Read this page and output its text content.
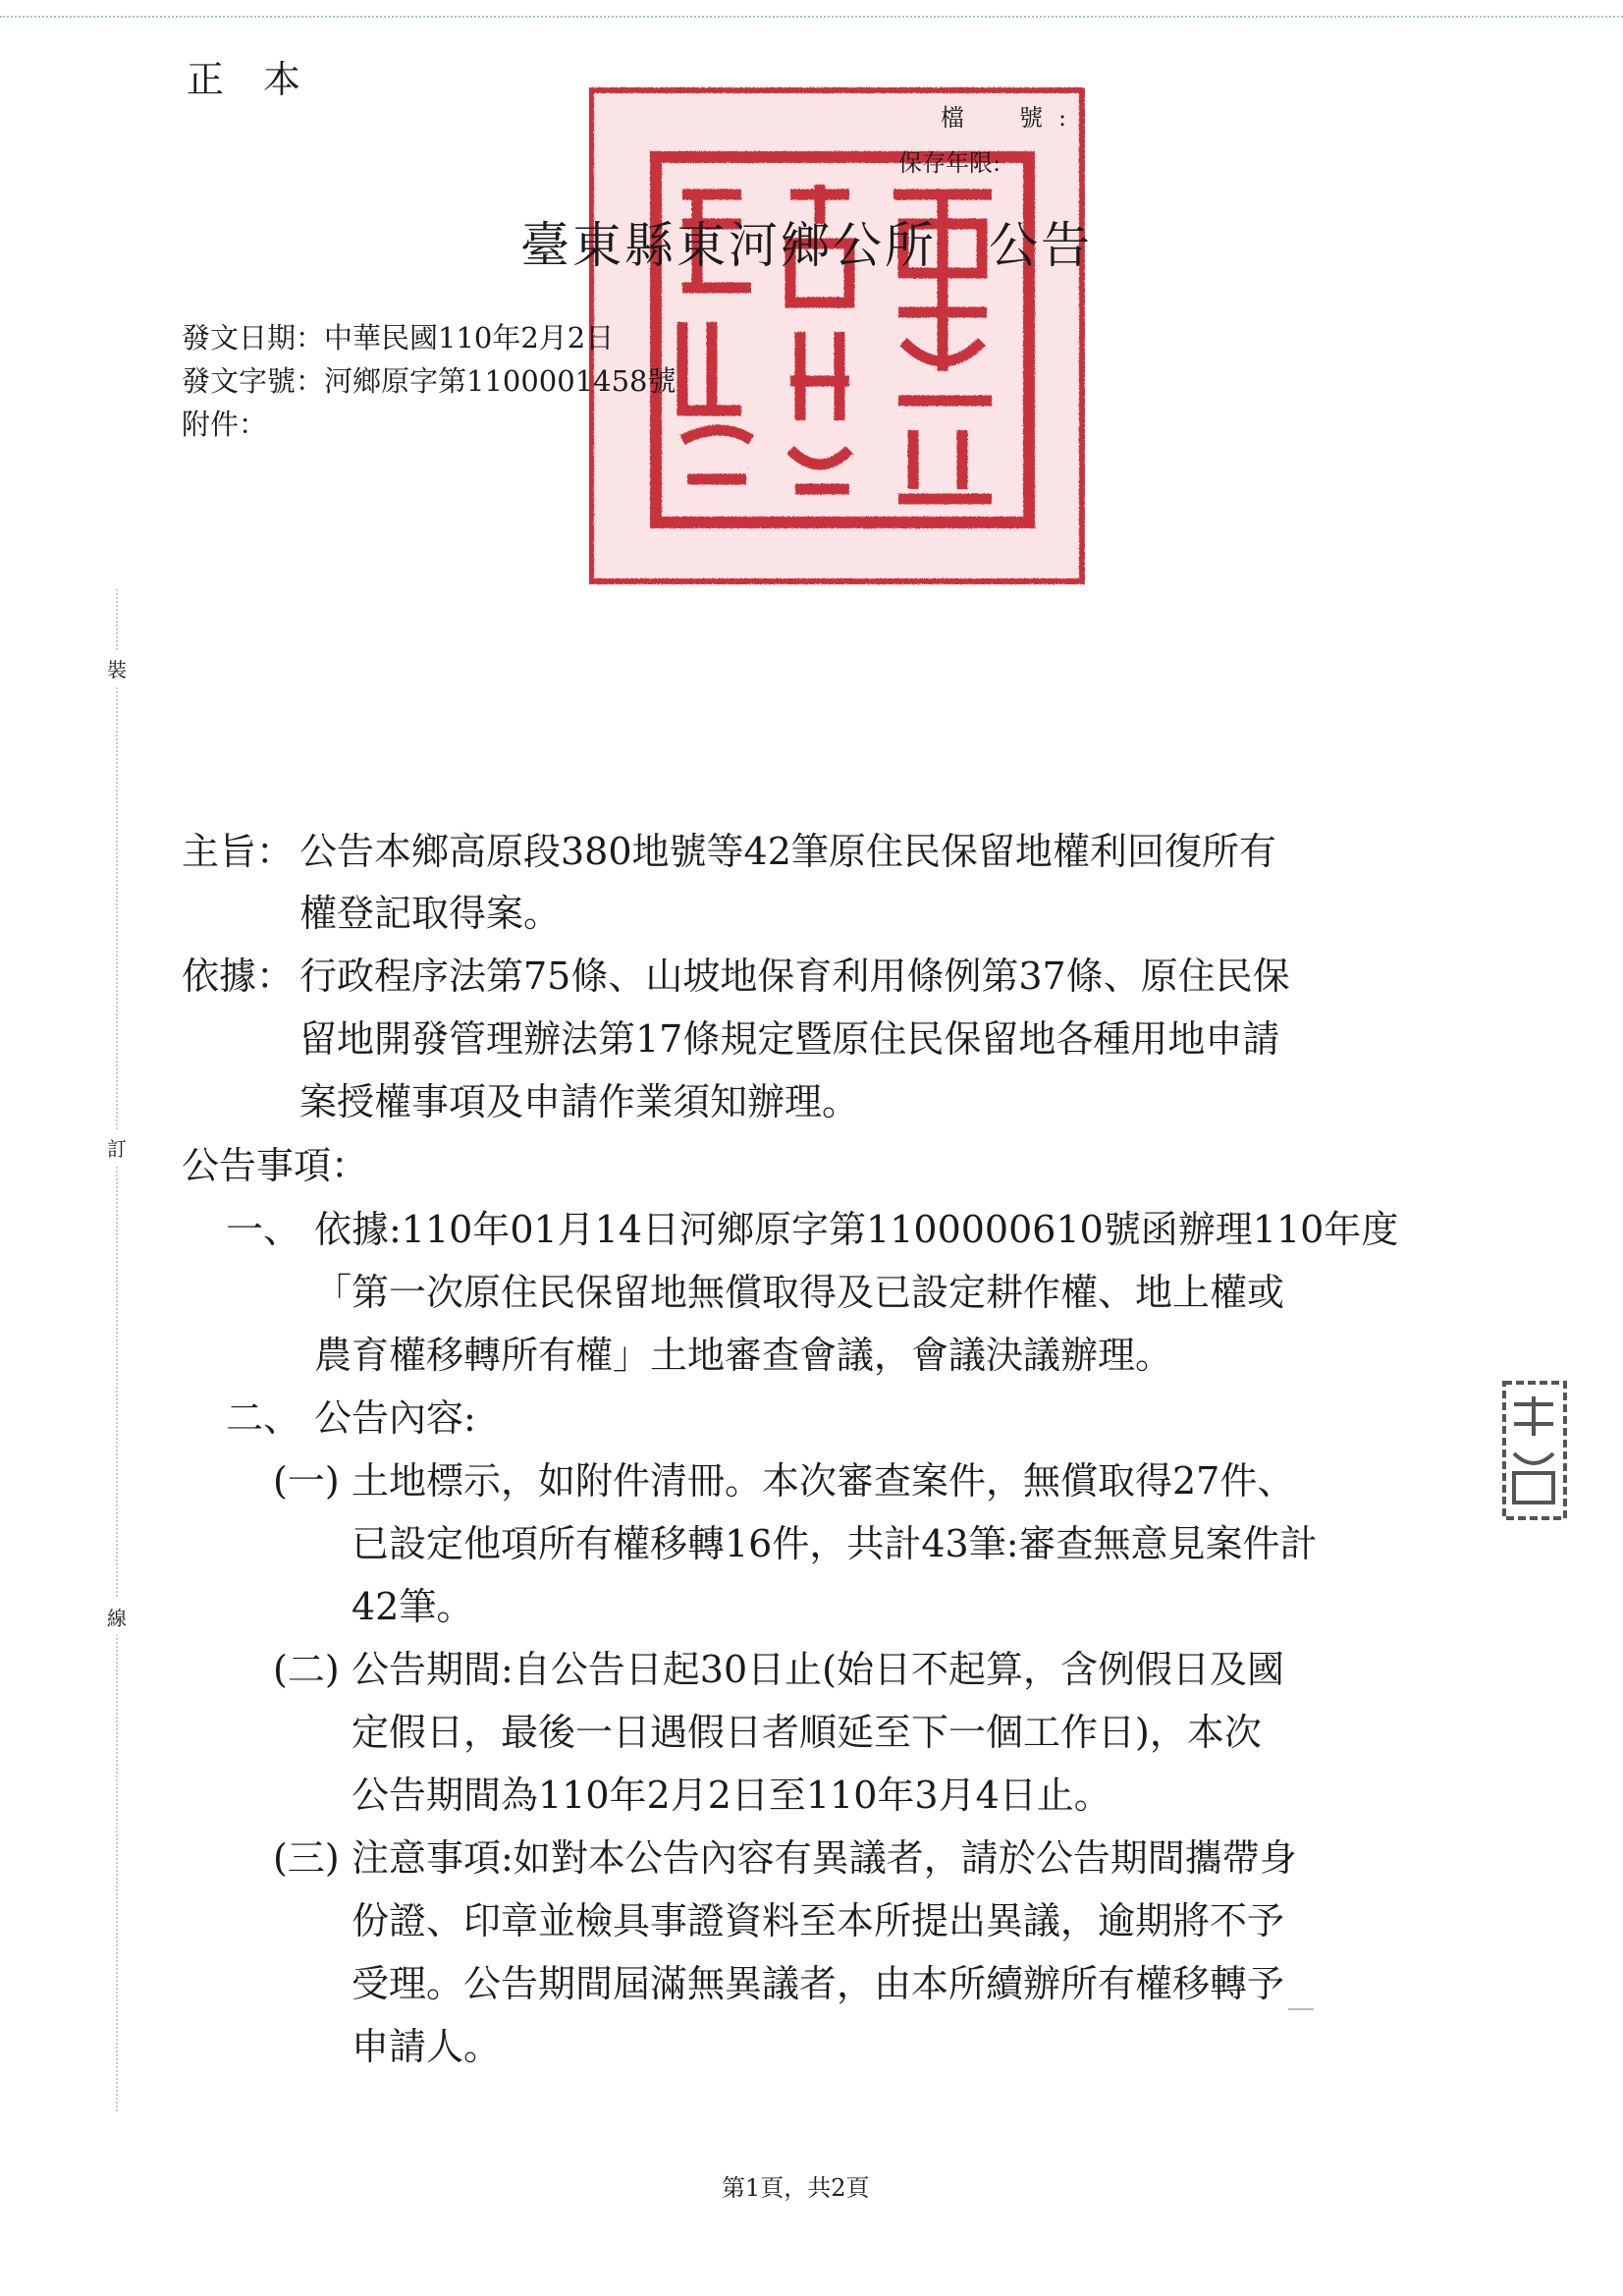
正本
檔　號:
保存年限:
臺東縣東河鄉公所　公告
發文日期：中華民國110年2月2日
發文字號：河鄉原字第1100001458號
附件：
裝
訂
線
主旨： 公告本鄉高原段380地號等42筆原住民保留地權利回復所有
權登記取得案。
依據： 行政程序法第75條、山坡地保育利用條例第37條、原住民保
留地開發管理辦法第17條規定暨原住民保留地各種用地申請
案授權事項及申請作業須知辦理。
公告事項：
一、 依據:110年01月14日河鄉原字第1100000610號函辦理110年度
「第一次原住民保留地無償取得及已設定耕作權、地上權或
農育權移轉所有權」土地審查會議，會議決議辦理。
二、 公告內容:
(一) 土地標示，如附件清冊。本次審查案件，無償取得27件、
已設定他項所有權移轉16件，共計43筆:審查無意見案件計
42筆。
(二) 公告期間:自公告日起30日止(始日不起算，含例假日及國
定假日，最後一日遇假日者順延至下一個工作日)，本次
公告期間為110年2月2日至110年3月4日止。
(三) 注意事項:如對本公告內容有異議者，請於公告期間攜帶身
份證、印章並檢具事證資料至本所提出異議，逾期將不予
受理。公告期間屆滿無異議者，由本所續辦所有權移轉予
申請人。
第1頁，共2頁
